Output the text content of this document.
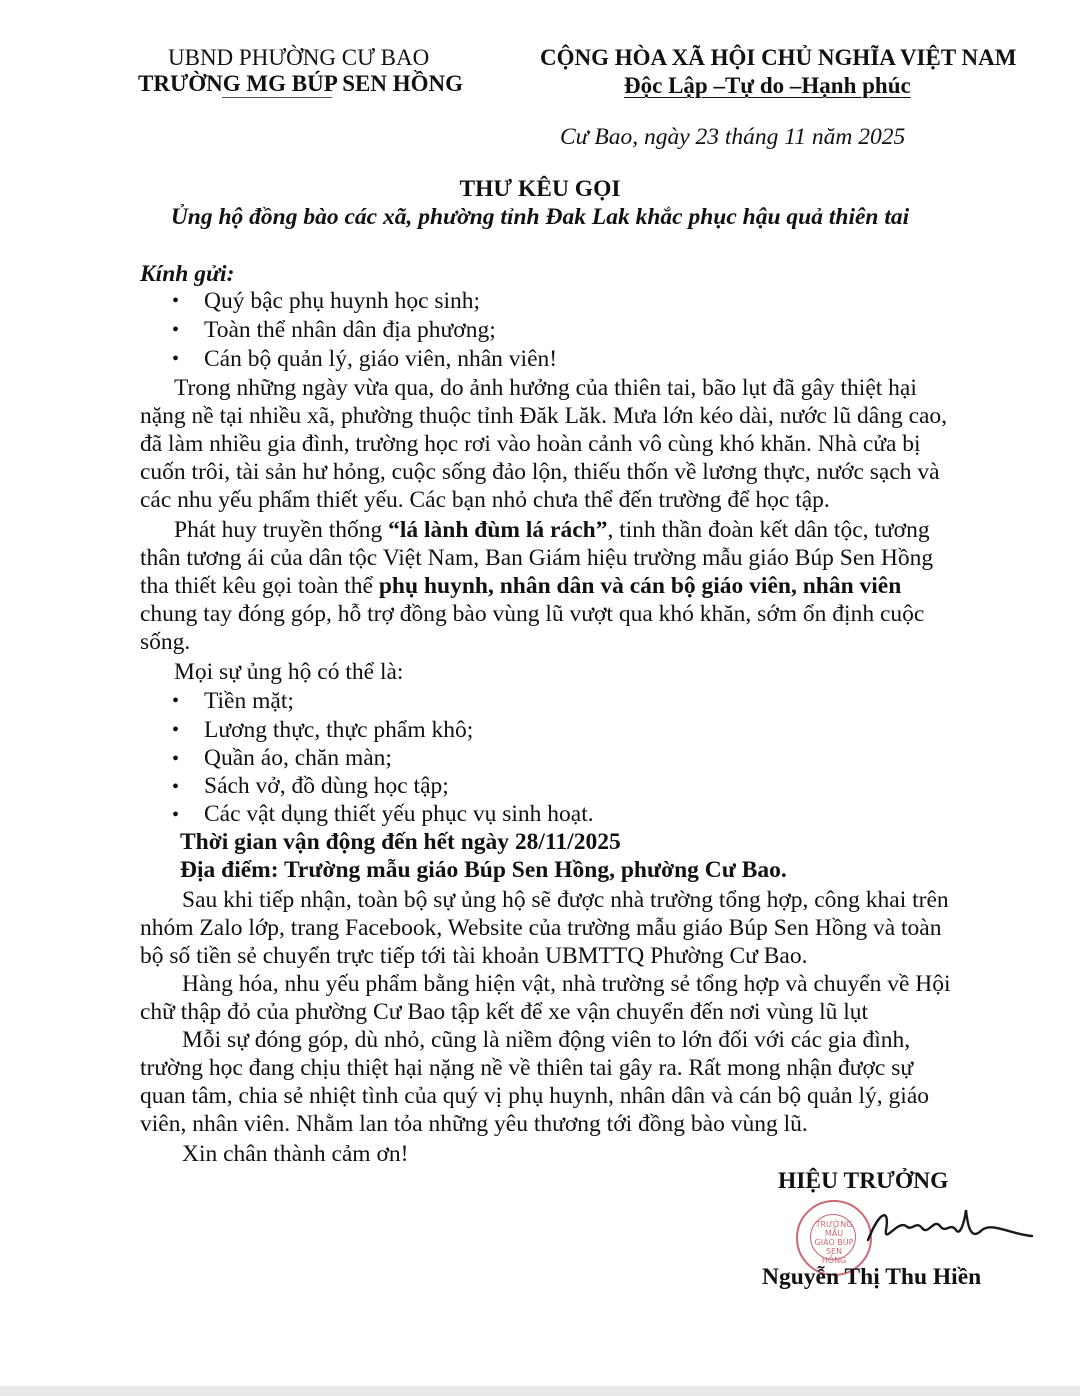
UBND PHƯỜNG CƯ BAO
TRƯỜNG MG BÚP SEN HỒNG
CỘNG HÒA XÃ HỘI CHỦ NGHĨA VIỆT NAM
Độc Lập –Tự do –Hạnh phúc
Cư Bao, ngày 23 tháng 11 năm 2025
THƯ KÊU GỌI
Ủng hộ đồng bào các xã, phường tỉnh Đak Lak khắc phục hậu quả thiên tai
Kính gửi:
• Quý bậc phụ huynh học sinh;
• Toàn thể nhân dân địa phương;
• Cán bộ quản lý, giáo viên, nhân viên!
Trong những ngày vừa qua, do ảnh hưởng của thiên tai, bão lụt đã gây thiệt hại
nặng nề tại nhiều xã, phường thuộc tỉnh Đăk Lăk. Mưa lớn kéo dài, nước lũ dâng cao,
đã làm nhiều gia đình, trường học rơi vào hoàn cảnh vô cùng khó khăn. Nhà cửa bị
cuốn trôi, tài sản hư hỏng, cuộc sống đảo lộn, thiếu thốn về lương thực, nước sạch và
các nhu yếu phẩm thiết yếu. Các bạn nhỏ chưa thể đến trường để học tập.
Phát huy truyền thống “lá lành đùm lá rách”, tinh thần đoàn kết dân tộc, tương
thân tương ái của dân tộc Việt Nam, Ban Giám hiệu trường mẫu giáo Búp Sen Hồng
tha thiết kêu gọi toàn thể phụ huynh, nhân dân và cán bộ giáo viên, nhân viên
chung tay đóng góp, hỗ trợ đồng bào vùng lũ vượt qua khó khăn, sớm ổn định cuộc
sống.
Mọi sự ủng hộ có thể là:
• Tiền mặt;
• Lương thực, thực phẩm khô;
• Quần áo, chăn màn;
• Sách vở, đồ dùng học tập;
• Các vật dụng thiết yếu phục vụ sinh hoạt.
Thời gian vận động đến hết ngày 28/11/2025
Địa điểm: Trường mẫu giáo Búp Sen Hồng, phường Cư Bao.
Sau khi tiếp nhận, toàn bộ sự ủng hộ sẽ được nhà trường tổng hợp, công khai trên
nhóm Zalo lớp, trang Facebook, Website của trường mẫu giáo Búp Sen Hồng và toàn
bộ số tiền sẻ chuyển trực tiếp tới tài khoản UBMTTQ Phường Cư Bao.
Hàng hóa, nhu yếu phẩm bằng hiện vật, nhà trường sẻ tổng hợp và chuyển về Hội
chữ thập đỏ của phường Cư Bao tập kết để xe vận chuyển đến nơi vùng lũ lụt
Mỗi sự đóng góp, dù nhỏ, cũng là niềm động viên to lớn đối với các gia đình,
trường học đang chịu thiệt hại nặng nề về thiên tai gây ra. Rất mong nhận được sự
quan tâm, chia sẻ nhiệt tình của quý vị phụ huynh, nhân dân và cán bộ quản lý, giáo
viên, nhân viên. Nhằm lan tỏa những yêu thương tới đồng bào vùng lũ.
Xin chân thành cảm ơn!
HIỆU TRƯỞNG
TRƯỜNG MẪU GIÁO BÚP SEN HỒNG
Nguyễn Thị Thu Hiền
